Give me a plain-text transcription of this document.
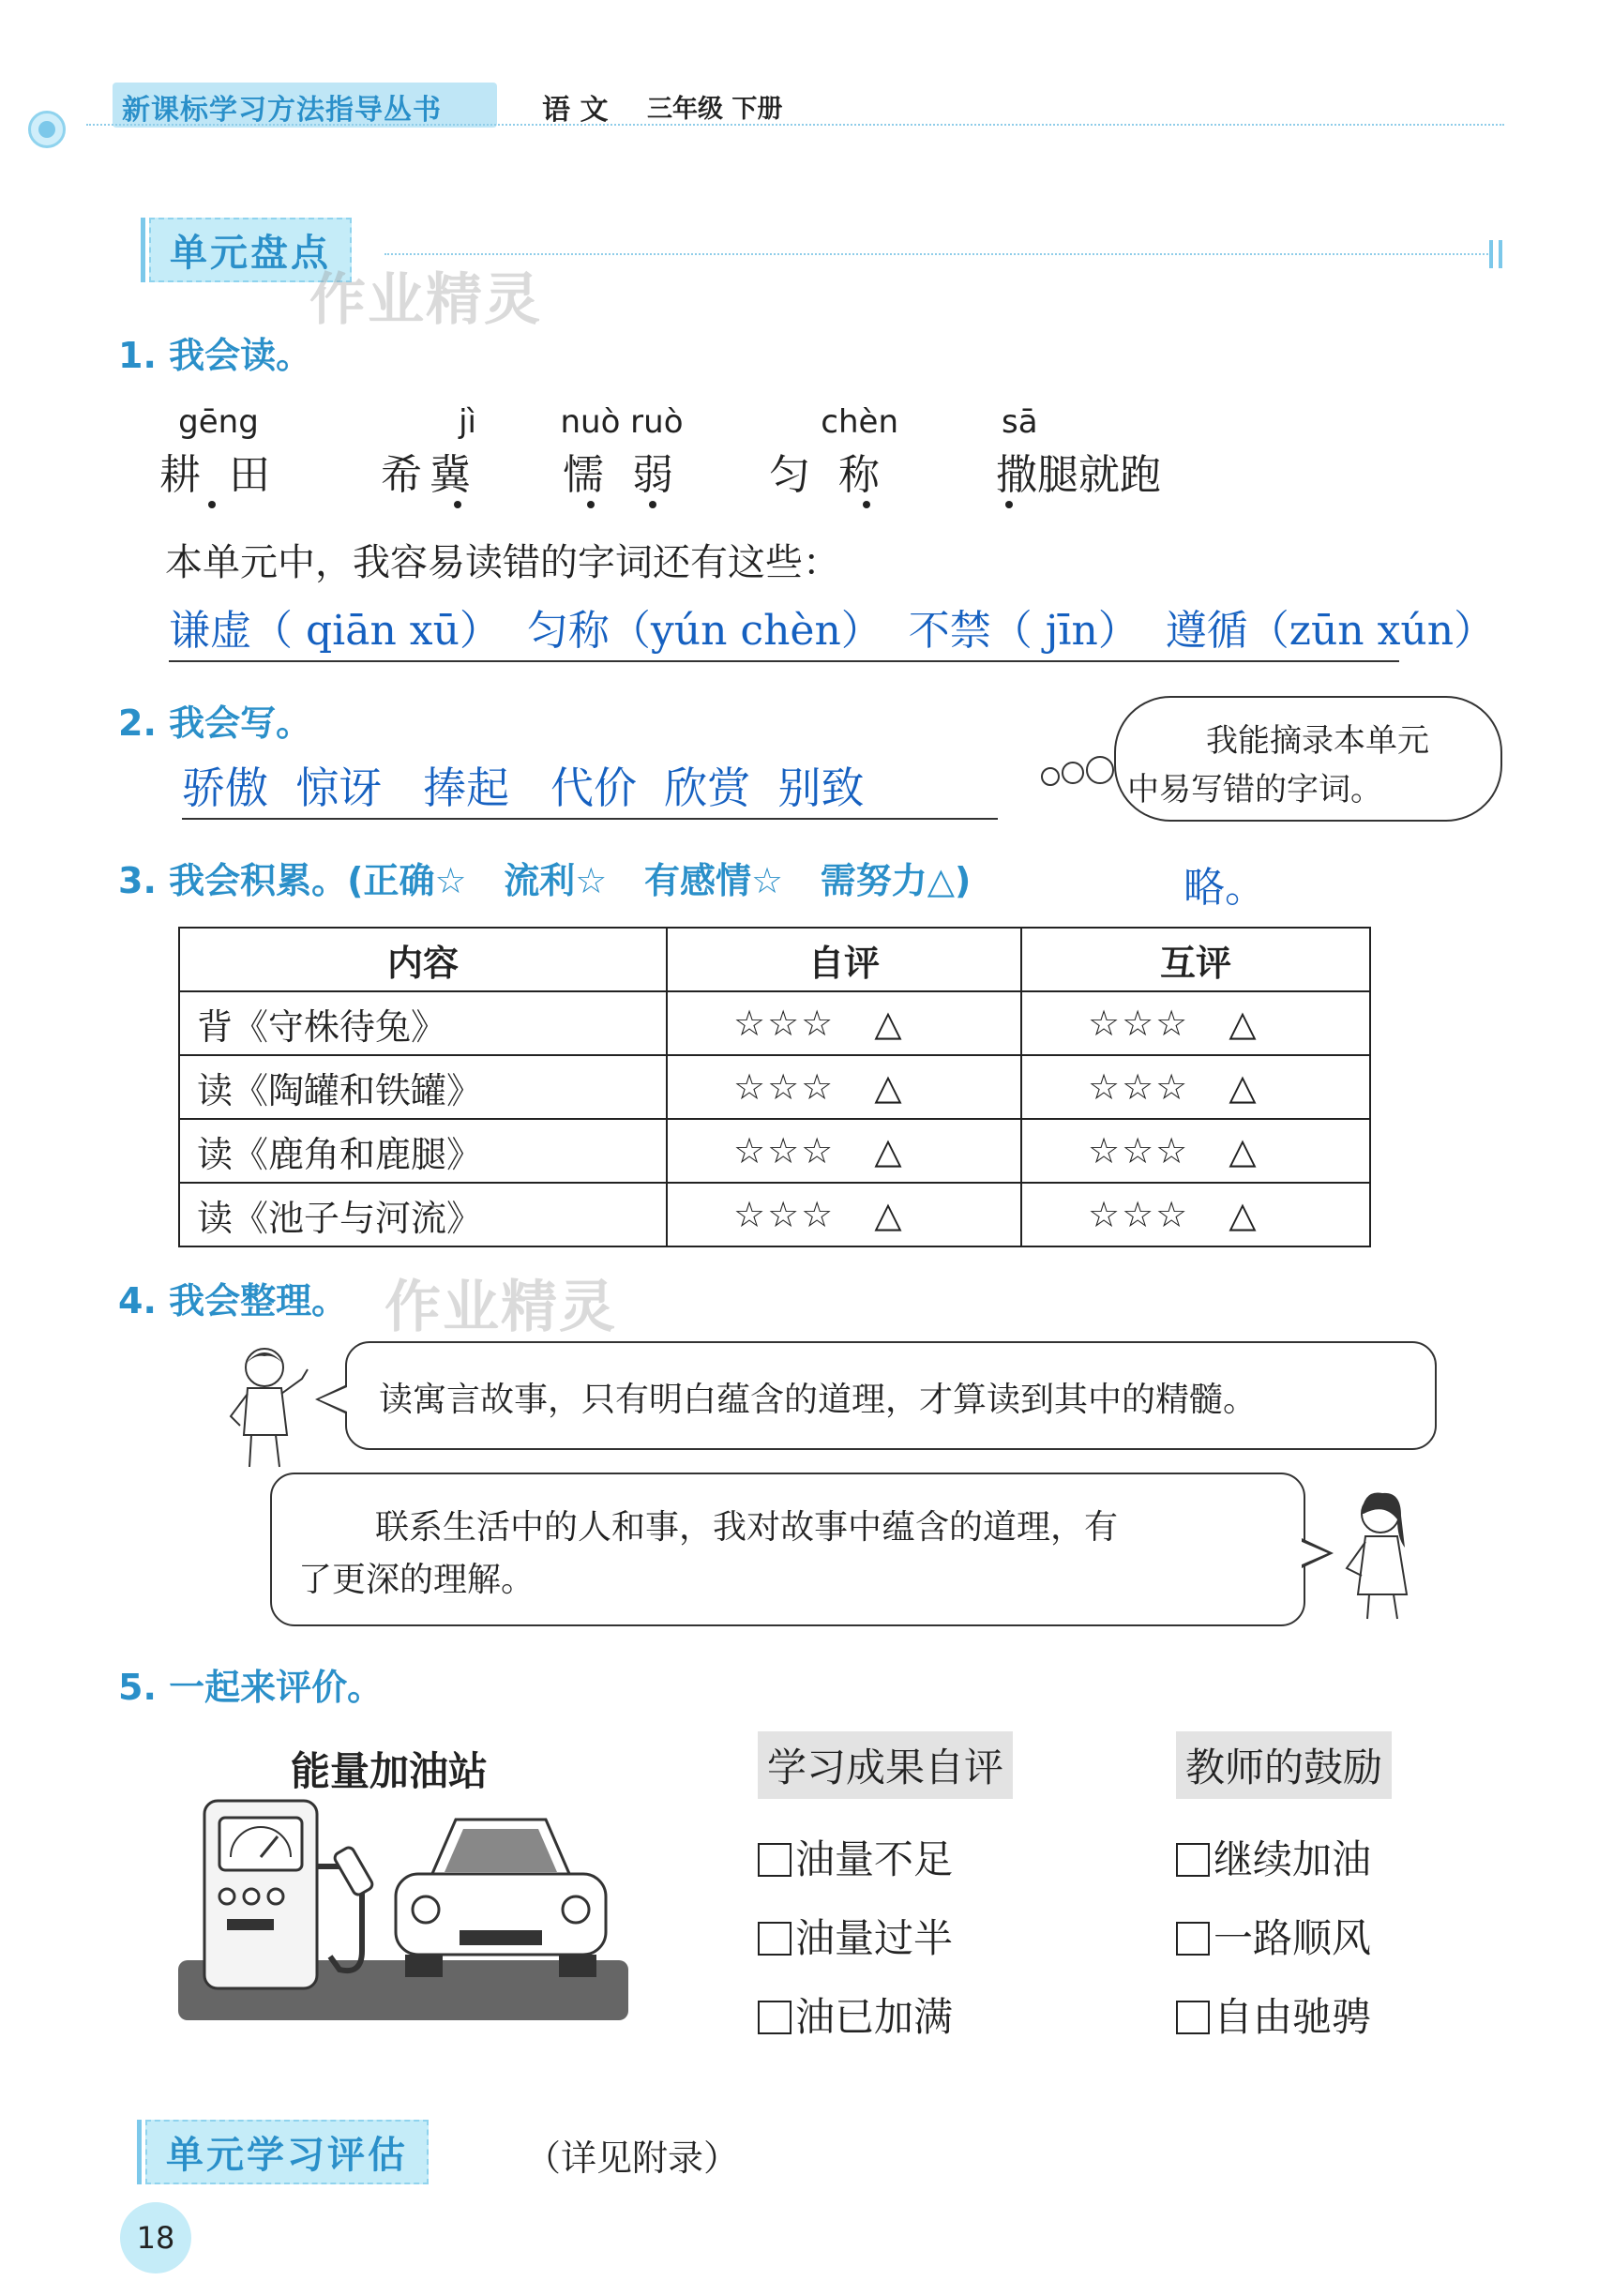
新课标学习方法指导丛书	语 文 三年级 下册
单元盘点
作业精灵
1. 我会读。
gēng
耕 田
jì
希冀
nuò ruò
懦 弱
chèn
匀 称
sā
撒腿就跑
本单元中，我容易读错的字词还有这些：
谦虚（ qiān xū）  匀称（yún chèn）  不禁（ jīn）  遵循（zūn xún）
2. 我会写。
骄傲  惊讶   捧起   代价  欣赏  别致
我能摘录本单元
中易写错的字词。
3. 我会积累。(正确☆   流利☆   有感情☆   需努力△)	略。
内容	自评	互评
背《守株待兔》	☆☆☆   △	☆☆☆   △
读《陶罐和铁罐》	☆☆☆   △	☆☆☆   △
读《鹿角和鹿腿》	☆☆☆   △	☆☆☆   △
读《池子与河流》	☆☆☆   △	☆☆☆   △
4. 我会整理。 作业精灵
读寓言故事，只有明白蕴含的道理，才算读到其中的精髓。
联系生活中的人和事，我对故事中蕴含的道理，有
了更深的理解。
5. 一起来评价。
能量加油站	学习成果自评
油量不足
油量过半
油已加满
教师的鼓励
继续加油
一路顺风
自由驰骋
单元学习评估	（详见附录）
18
